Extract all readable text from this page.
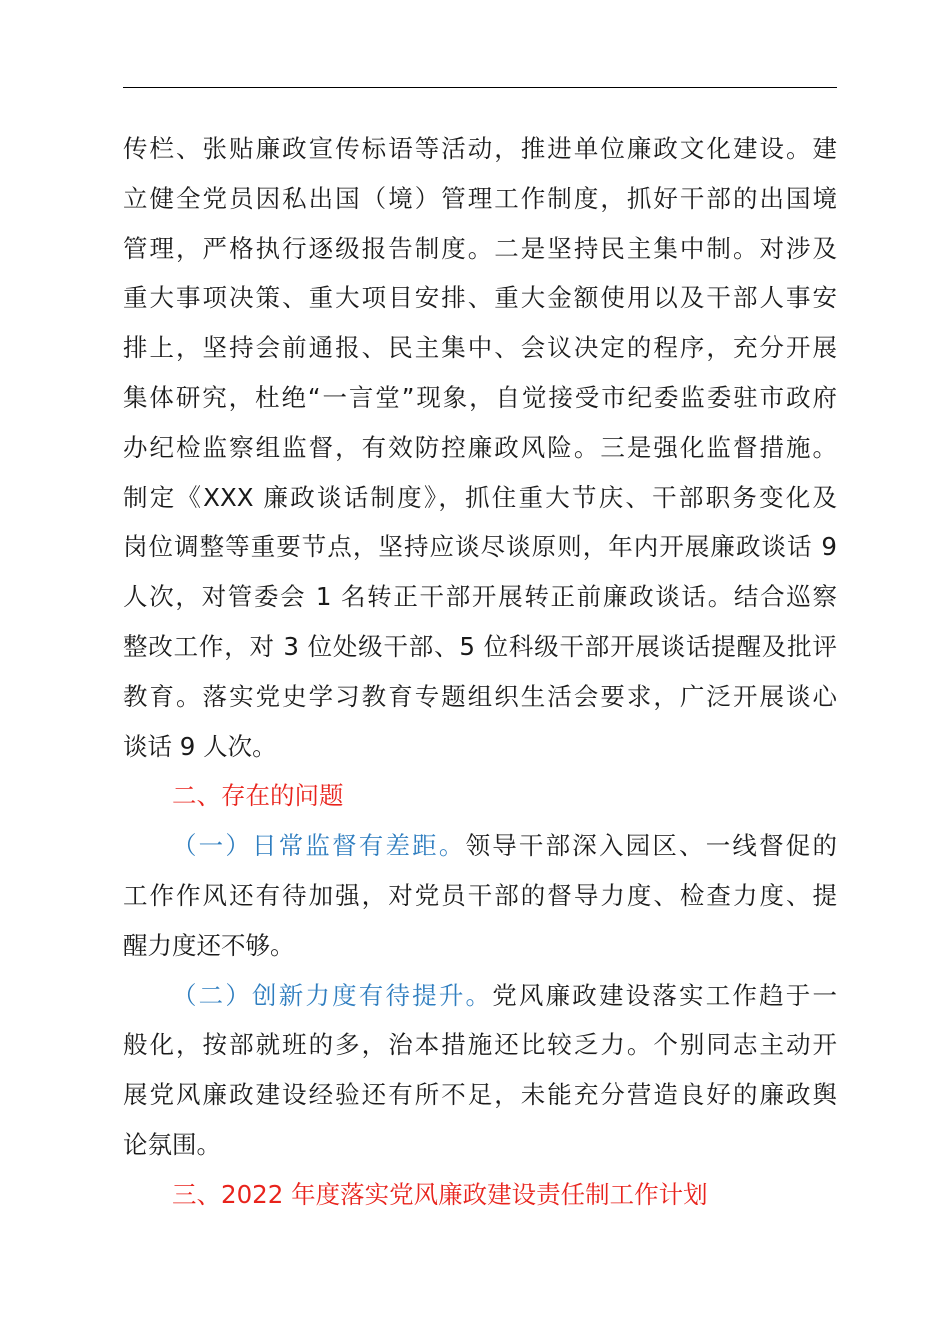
传栏、张贴廉政宣传标语等活动，推进单位廉政文化建设。建
立健全党员因私出国（境）管理工作制度，抓好干部的出国境
管理，严格执行逐级报告制度。二是坚持民主集中制。对涉及
重大事项决策、重大项目安排、重大金额使用以及干部人事安
排上，坚持会前通报、民主集中、会议决定的程序，充分开展
集体研究，杜绝“一言堂”现象，自觉接受市纪委监委驻市政府
办纪检监察组监督，有效防控廉政风险。三是强化监督措施。
制定《XXX 廉政谈话制度》，抓住重大节庆、干部职务变化及
岗位调整等重要节点，坚持应谈尽谈原则，年内开展廉政谈话 9
人次，对管委会 1 名转正干部开展转正前廉政谈话。结合巡察
整改工作，对 3 位处级干部、5 位科级干部开展谈话提醒及批评
教育。落实党史学习教育专题组织生活会要求，广泛开展谈心
谈话 9 人次。
二、存在的问题
（一）日常监督有差距。领导干部深入园区、一线督促的
工作作风还有待加强，对党员干部的督导力度、检查力度、提
醒力度还不够。
（二）创新力度有待提升。党风廉政建设落实工作趋于一
般化，按部就班的多，治本措施还比较乏力。个别同志主动开
展党风廉政建设经验还有所不足，未能充分营造良好的廉政舆
论氛围。
三、2022 年度落实党风廉政建设责任制工作计划
